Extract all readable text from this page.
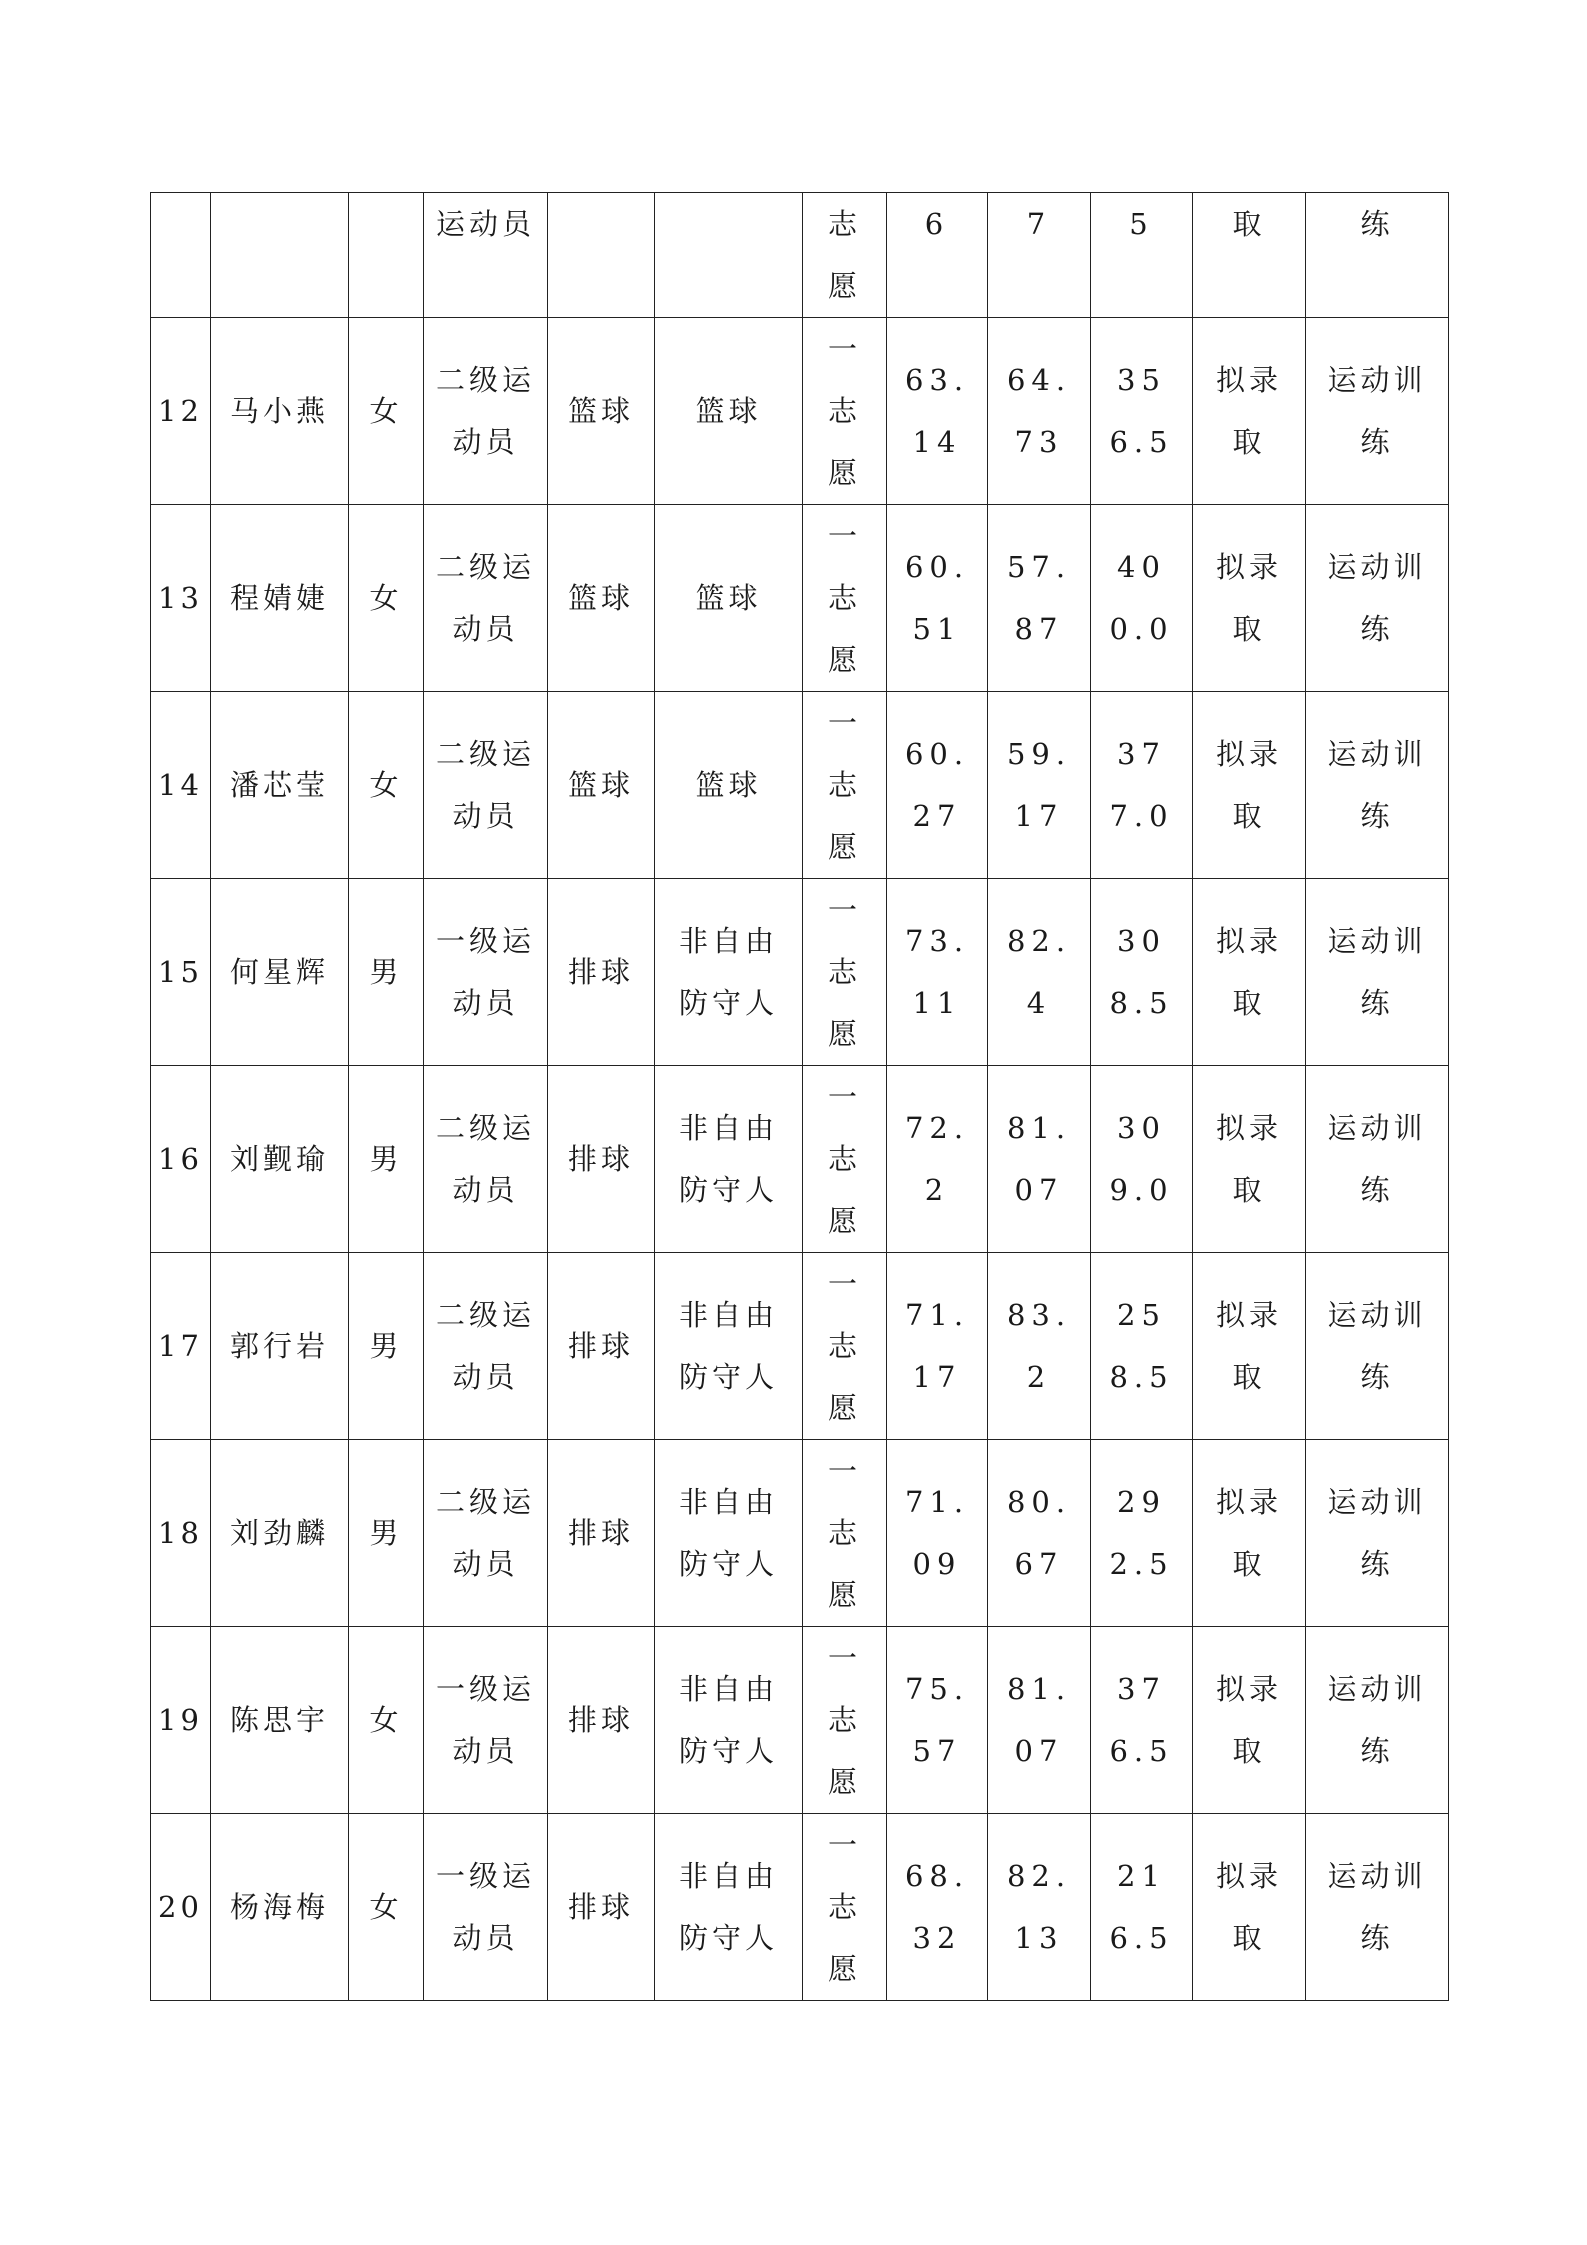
			运动员			志愿	6	7	5	取	练
12	马小燕	女	二级运动员	篮球	篮球	一志愿	63.14	64.73	356.5	拟录取	运动训练
13	程婧婕	女	二级运动员	篮球	篮球	一志愿	60.51	57.87	400.0	拟录取	运动训练
14	潘芯莹	女	二级运动员	篮球	篮球	一志愿	60.27	59.17	377.0	拟录取	运动训练
15	何星辉	男	一级运动员	排球	非自由防守人	一志愿	73.11	82.4	308.5	拟录取	运动训练
16	刘觐瑜	男	二级运动员	排球	非自由防守人	一志愿	72.2	81.07	309.0	拟录取	运动训练
17	郭行岩	男	二级运动员	排球	非自由防守人	一志愿	71.17	83.2	258.5	拟录取	运动训练
18	刘劲麟	男	二级运动员	排球	非自由防守人	一志愿	71.09	80.67	292.5	拟录取	运动训练
19	陈思宇	女	一级运动员	排球	非自由防守人	一志愿	75.57	81.07	376.5	拟录取	运动训练
20	杨海梅	女	一级运动员	排球	非自由防守人	一志愿	68.32	82.13	216.5	拟录取	运动训练
